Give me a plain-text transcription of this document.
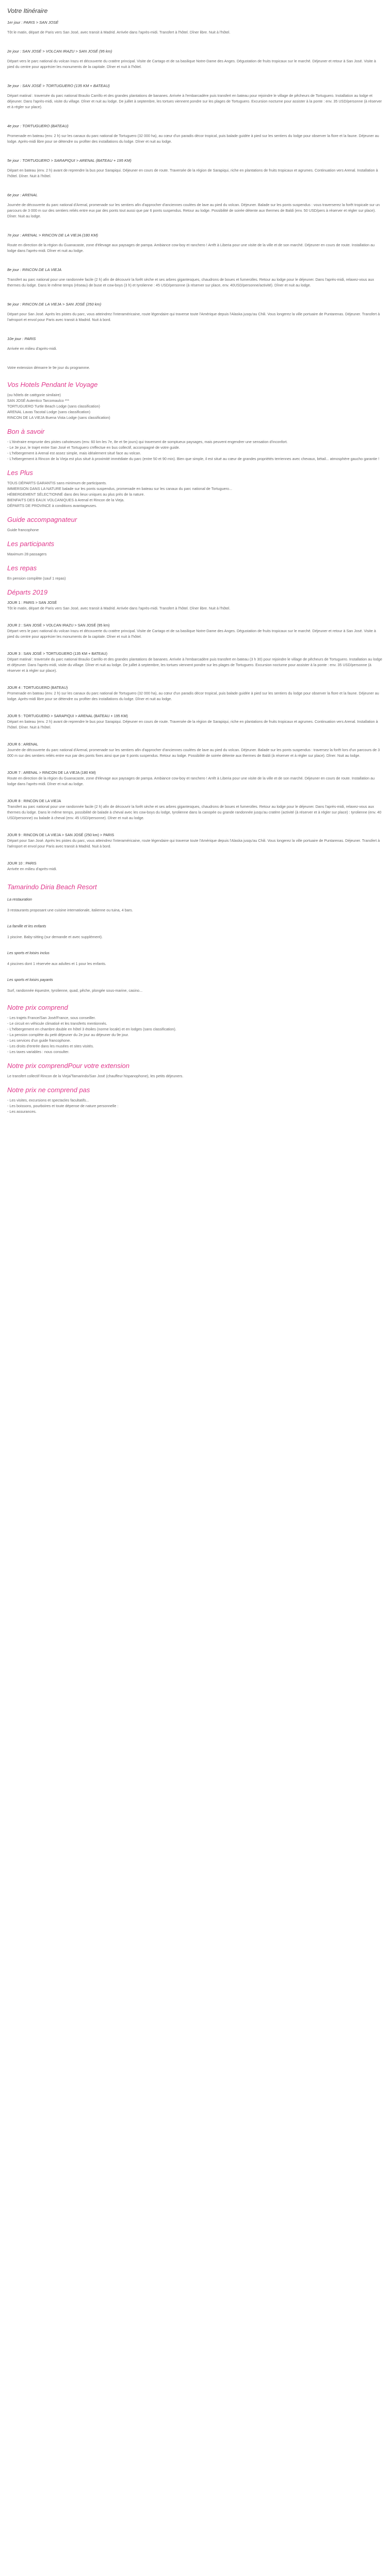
Votre Itinéraire
1er jour : PARIS > SAN JOSÉ

Tôt le matin, départ de Paris vers San José, avec transit à Madrid. Arrivée dans l'après-midi. Transfert à l'hôtel. Dîner libre. Nuit à l'hôtel.

2e jour : SAN JOSÉ > VOLCAN IRAZU > SAN JOSÉ (95 km)

Départ vers le parc national du volcan Irazu et découverte du cratère principal. Visite de Cartago et de sa basilique Notre-Dame des Anges. Dégustation de fruits tropicaux sur le marché. Déjeuner et retour à San José. Visite à pied du centre pour apprécier les monuments de la capitale. Dîner et nuit à l'hôtel.

3e jour : SAN JOSÉ > TORTUGUERO (135 KM + BATEAU)

Départ matinal : traversée du parc national Braulio Carrillo et des grandes plantations de bananes. Arrivée à l'embarcadère puis transfert en bateau pour rejoindre le village de pêcheurs de Tortuguero. Installation au lodge et déjeuner. Dans l'après-midi, visite du village. Dîner et nuit au lodge. De juillet à septembre, les tortues viennent pondre sur les plages de Tortuguero. Excursion nocturne pour assister à la ponte : env. 35 USD/personne (à réserver et à régler sur place).

4e jour : TORTUGUERO (BATEAU)

Promenade en bateau (env. 2 h) sur les canaux du parc national de Tortuguero (32 000 ha), au cœur d'un paradis décor tropical, puis balade guidée à pied sur les sentiers du lodge pour observer la flore et la faune. Déjeuner au lodge. Après-midi libre pour se détendre ou profiter des installations du lodge. Dîner et nuit au lodge.

5e jour : TORTUGUERO > SARAPIQUI > ARENAL (BATEAU + 195 KM)

Départ en bateau (env. 2 h) avant de reprendre la bus pour Sarapiqui. Déjeuner en cours de route. Traversée de la région de Sarapiqui, riche en plantations de fruits tropicaux et agrumes. Continuation vers Arenal. Installation à l'hôtel. Dîner. Nuit à l'hôtel.

6e jour : ARENAL

Journée de découverte du parc national d'Arenal, promenade sur les sentiers afin d'approcher d'anciennes coulées de lave au pied du volcan. Déjeuner. Balade sur les ponts suspendus : vous traverserez la forêt tropicale sur un parcours de 3 000 m sur des sentiers reliés entre eux par des ponts tout aussi que par 6 ponts suspendus. Retour au lodge. Possibilité de soirée détente aux thermes de Baldi (env. 50 USD/pers à réserver et régler sur place). Dîner. Nuit au lodge.

7e jour : ARENAL > RINCON DE LA VIEJA (180 KM)

Route en direction de la région du Guanacaste, zone d'élevage aux paysages de pampa. Ambiance cow-boy et ranchero ! Arrêt à Liberia pour une visite de la ville et de son marché. Déjeuner en cours de route. Installation au lodge dans l'après-midi. Dîner et nuit au lodge.

8e jour : RINCON DE LA VIEJA

Transfert au parc national pour une randonnée facile (2 h) afin de découvrir la forêt sèche et ses arbres gigantesques, chaudrons de boues et fumerolles. Retour au lodge pour le déjeuner. Dans l'après-midi, relaxez-vous aux thermes du lodge. Dans le même temps (réseau) de buse et cow-boys (3 h) et tyrolienne : 45 USD/personne (à réserver sur place, env. 40USD/personne/activité). Dîner et nuit au lodge.

9e jour : RINCON DE LA VIEJA > SAN JOSÉ (250 km)

Départ pour San José. Après les pistes du parc, vous atteindrez l'interaméricaine, route légendaire qui traverse toute l'Amérique depuis l'Alaska jusqu'au Chili. Vous longerez la ville portuaire de Puntarenas. Déjeuner. Transfert à l'aéroport et envol pour Paris avec transit à Madrid. Nuit à bord.

10e jour : PARIS

Arrivée en milieu d'après-midi.

Votre extension démarre le 9e jour du programme.

Vos Hotels Pendant le Voyage

(ou hôtels de catégorie similaire)

SAN JOSÉ Autentico Tarcomaulco ***

TORTUGUERO Turtle Beach Lodge (sans classification)

ARENAL Lavas Tacotal Lodge (sans classification)

RINCON DE LA VIEJA Buena Vista Lodge (sans classification)

Bon à savoir

- L'itinéraire emprunte des pistes cahoteuses (env. 60 km les 7e, 8e et 9e jours) qui traversent de somptueux paysages, mais peuvent engendrer une sensation d'inconfort.

- Le 3e jour, le trajet entre San José et Tortuguero s'effectue en bus collectif, accompagné de votre guide.

- L'hébergement à Arenal est assez simple, mais idéalement situé face au volcan.

- L'hébergement à Rincon de la Vieja est plus situé à proximité immédiate du parc (entre 50 et 90 min). Bien que simple, il est situé au cœur de grandes propriétés terriennes avec chevaux, bétail... atmosphère gaucho garantie !

Les Plus

TOUS DÉPARTS GARANTIS sans minimum de participants.

IMMERSION DANS LA NATURE balade sur les ponts suspendus, promenade en bateau sur les canaux du parc national de Tortuguero...

HÉBERGEMENT SÉLECTIONNÉ dans des lieux uniques au plus près de la nature.

BIENFAITS DES EAUX VOLCANIQUES à Arenal et Rincon de la Vieja.

DÉPARTS DE PROVINCE à conditions avantageuses.

Guide accompagnateur

Guide francophone

Les participants

Maximum 28 passagers

Les repas

En pension complète (sauf 1 repas)

Départs 2019

JOUR 1 : PARIS > SAN JOSÉ

Tôt le matin, départ de Paris vers San José, avec transit à Madrid. Arrivée dans l'après-midi. Transfert à l'hôtel. Dîner libre. Nuit à l'hôtel.

JOUR 2 : SAN JOSÉ > VOLCAN IRAZU > SAN JOSÉ (95 km)

Départ vers le parc national du volcan Irazu et découverte du cratère principal. Visite de Cartago et de sa basilique Notre-Dame des Anges. Dégustation de fruits tropicaux sur le marché. Déjeuner et retour à San José. Visite à pied du centre pour apprécier les monuments de la capitale. Dîner et nuit à l'hôtel.

JOUR 3 : SAN JOSÉ > TORTUGUERO (135 KM + BATEAU)

Départ matinal : traversée du parc national Braulio Carrillo et des grandes plantations de bananes. Arrivée à l'embarcadère puis transfert en bateau (3 h 30) pour rejoindre le village de pêcheurs de Tortuguero. Installation au lodge et déjeuner. Dans l'après-midi, visite du village. Dîner et nuit au lodge. De juillet à septembre, les tortues viennent pondre sur les plages de Tortuguero. Excursion nocturne pour assister à la ponte : env. 35 USD/personne (à réserver et à régler sur place).

JOUR 4 : TORTUGUERO (BATEAU)

Promenade en bateau (env. 2 h) sur les canaux du parc national de Tortuguero (32 000 ha), au cœur d'un paradis décor tropical, puis balade guidée à pied sur les sentiers du lodge pour observer la flore et la faune. Déjeuner au lodge. Après-midi libre pour se détendre ou profiter des installations du lodge. Dîner et nuit au lodge.

JOUR 5 : TORTUGUERO > SARAPIQUI > ARENAL (BATEAU + 195 KM)

Départ en bateau (env. 2 h) avant de reprendre le bus pour Sarapiqui. Déjeuner en cours de route. Traversée de la région de Sarapiqui, riche en plantations de fruits tropicaux et agrumes. Continuation vers Arenal. Installation à l'hôtel. Dîner. Nuit à l'hôtel.

JOUR 6 : ARENAL

Journée de découverte du parc national d'Arenal, promenade sur les sentiers afin d'approcher d'anciennes coulées de lave au pied du volcan. Déjeuner. Balade sur les ponts suspendus : traversez la forêt lors d'un parcours de 3 000 m sur des sentiers reliés entre eux par des ponts fixes ainsi que par 6 ponts suspendus. Retour au lodge. Possibilité de soirée détente aux thermes de Baldi (à réserver et à régler sur place). Dîner. Nuit au lodge.

JOUR 7 : ARENAL > RINCON DE LA VIEJA (180 KM)

Route en direction de la région du Guanacaste, zone d'élevage aux paysages de pampa. Ambiance cow-boy et ranchero ! Arrêt à Liberia pour une visite de la ville et de son marché. Déjeuner en cours de route. Installation au lodge dans l'après-midi. Dîner et nuit au lodge.

JOUR 8 : RINCON DE LA VIEJA

Transfert au parc national pour une randonnée facile (2 h) afin de découvrir la forêt sèche et ses arbres gigantesques, chaudrons de boues et fumerolles. Retour au lodge pour le déjeuner. Dans l'après-midi, relaxez-vous aux thermes du lodge. Dans le même temps, possibilité de balade à cheval avec les cow-boys du lodge, tyrolienne dans la canopée ou grande randonnée jusqu'au cratère (activité (à réserver et à régler sur place) : tyrolienne (env. 40 USD/personne) ou balade à cheval (env. 45 USD/personne). Dîner et nuit au lodge.

JOUR 9 : RINCON DE LA VIEJA > SAN JOSÉ (250 km) > PARIS

Départ pour San José. Après les pistes du parc, vous atteindrez l'interaméricaine, route légendaire qui traverse toute l'Amérique depuis l'Alaska jusqu'au Chili. Vous longerez la ville portuaire de Puntarenas. Déjeuner. Transfert à l'aéroport et envol pour Paris avec transit à Madrid. Nuit à bord.

JOUR 10 : PARIS

Arrivée en milieu d'après-midi.

Tamarindo Diria Beach Resort

La restauration

3 restaurants proposant une cuisine internationale, italienne ou tuina, 4 bars.

La famille et les enfants

1 piscine. Baby-sitting (sur demande et avec supplément).

Les sports et loisirs inclus

4 piscines dont 1 réservée aux adultes et 1 pour les enfants.

Les sports et loisirs payants

Surf, randonnée équestre, tyrolienne, quad, pêche, plongée sous-marine, casino...

Notre prix comprend

- Les trajets France/San José/France, sous conseiller.

- Le circuit en véhicule climatisé et les transferts mentionnés.

- L'hébergement en chambre double en hôtel 3 étoiles (norme locale) et en lodges (sans classification).

- La pension complète du petit déjeuner du 2e jour au déjeuner du 9e jour.

- Les services d'un guide francophone.

- Les droits d'entrée dans les musées et sites visités.

- Les taxes variables : nous consulter.

Notre prix comprendPour votre extension

Le transfert collectif Rincon de la Vieja/Tamarindo/San José (chauffeur hispanophone), les petits déjeuners.

Notre prix ne comprend pas

- Les visites, excursions et spectacles facultatifs...

- Les boissons, pourboires et toute dépense de nature personnelle :

- Les assurances.
